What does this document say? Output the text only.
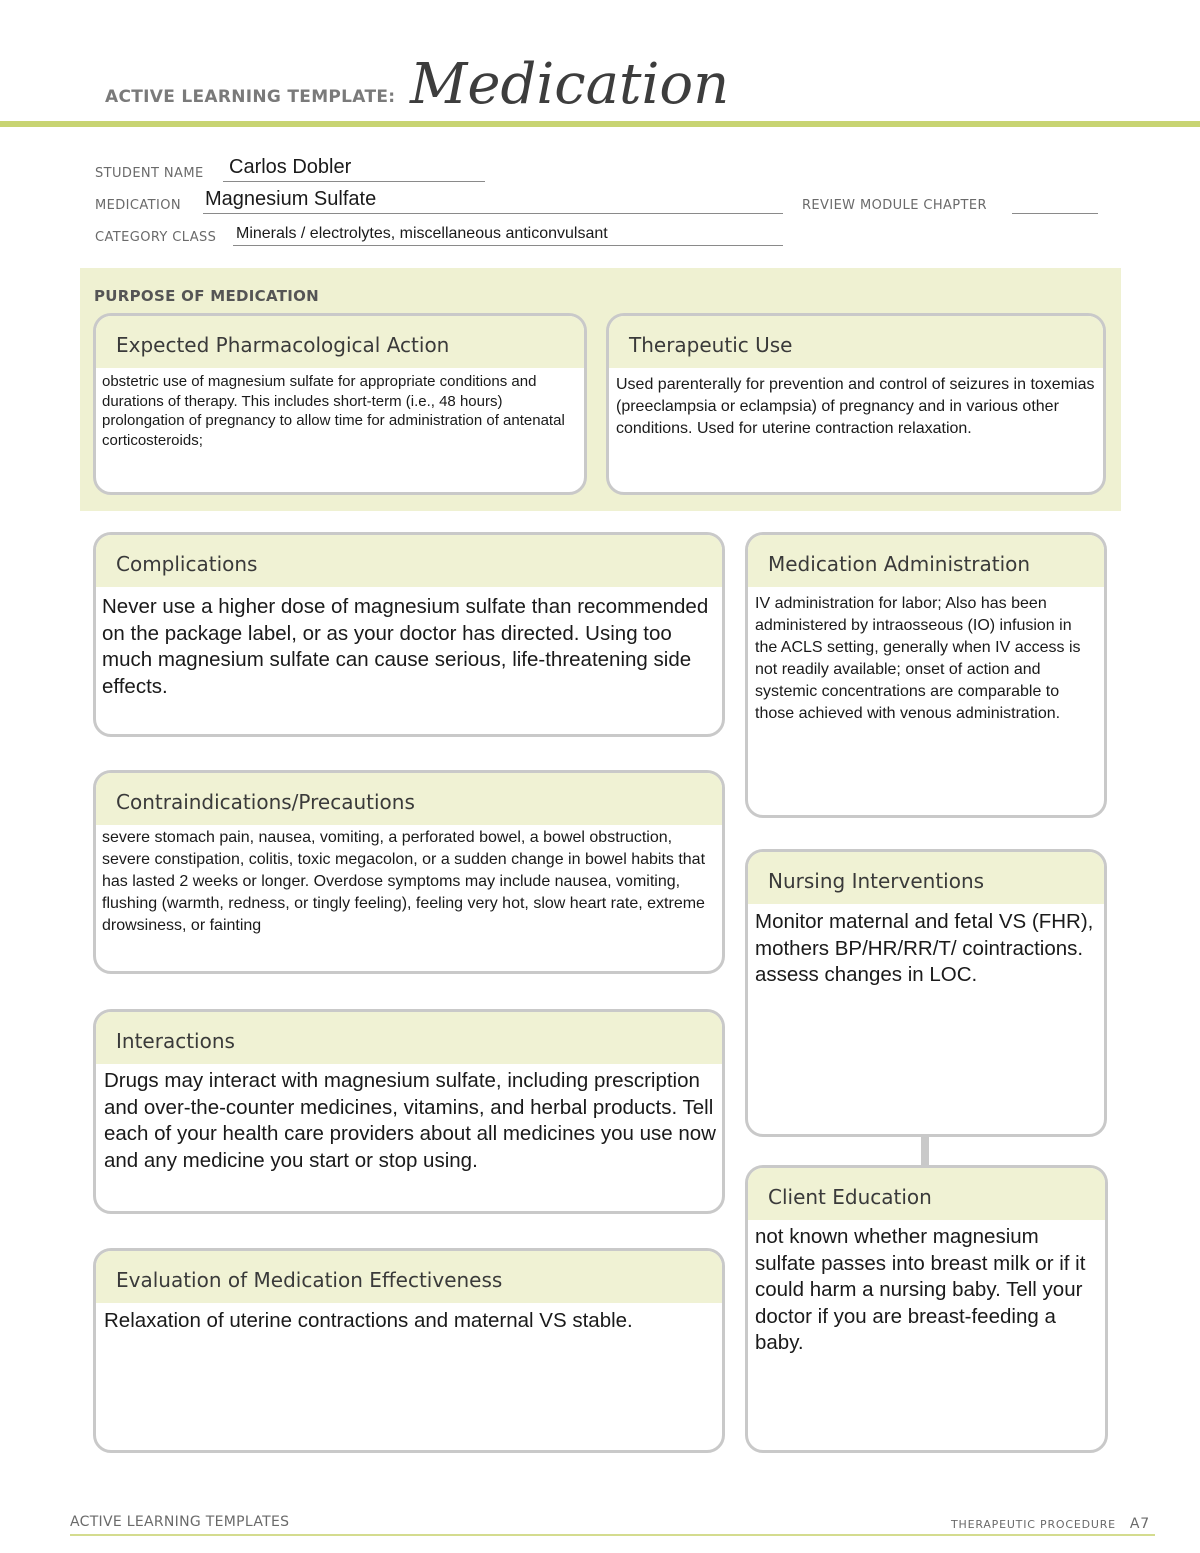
ACTIVE LEARNING TEMPLATE: Medication
STUDENT NAME Carlos Dobler
MEDICATION Magnesium Sulfate	REVIEW MODULE CHAPTER
CATEGORY CLASS Minerals / electrolytes, miscellaneous anticonvulsant
PURPOSE OF MEDICATION
Expected Pharmacological Action
obstetric use of magnesium sulfate for appropriate conditions and durations of therapy. This includes short-term (i.e., 48 hours) prolongation of pregnancy to allow time for administration of antenatal corticosteroids;
Therapeutic Use
Used parenterally for prevention and control of seizures in toxemias (preeclampsia or eclampsia) of pregnancy and in various other conditions. Used for uterine contraction relaxation.
Complications
Never use a higher dose of magnesium sulfate than recommended on the package label, or as your doctor has directed. Using too much magnesium sulfate can cause serious, life-threatening side effects.
Medication Administration
IV administration for labor; Also has been administered by intraosseous (IO) infusion in the ACLS setting, generally when IV access is not readily available; onset of action and systemic concentrations are comparable to those achieved with venous administration.
Contraindications/Precautions
severe stomach pain, nausea, vomiting, a perforated bowel, a bowel obstruction, severe constipation, colitis, toxic megacolon, or a sudden change in bowel habits that has lasted 2 weeks or longer. Overdose symptoms may include nausea, vomiting, flushing (warmth, redness, or tingly feeling), feeling very hot, slow heart rate, extreme drowsiness, or fainting
Nursing Interventions
Monitor maternal and fetal VS (FHR), mothers BP/HR/RR/T/ cointractions. assess changes in LOC.
Interactions
Drugs may interact with magnesium sulfate, including prescription and over-the-counter medicines, vitamins, and herbal products. Tell each of your health care providers about all medicines you use now and any medicine you start or stop using.
Client Education
not known whether magnesium sulfate passes into breast milk or if it could harm a nursing baby. Tell your doctor if you are breast-feeding a baby.
Evaluation of Medication Effectiveness
Relaxation of uterine contractions and maternal VS stable.
ACTIVE LEARNING TEMPLATES	THERAPEUTIC PROCEDURE A7
